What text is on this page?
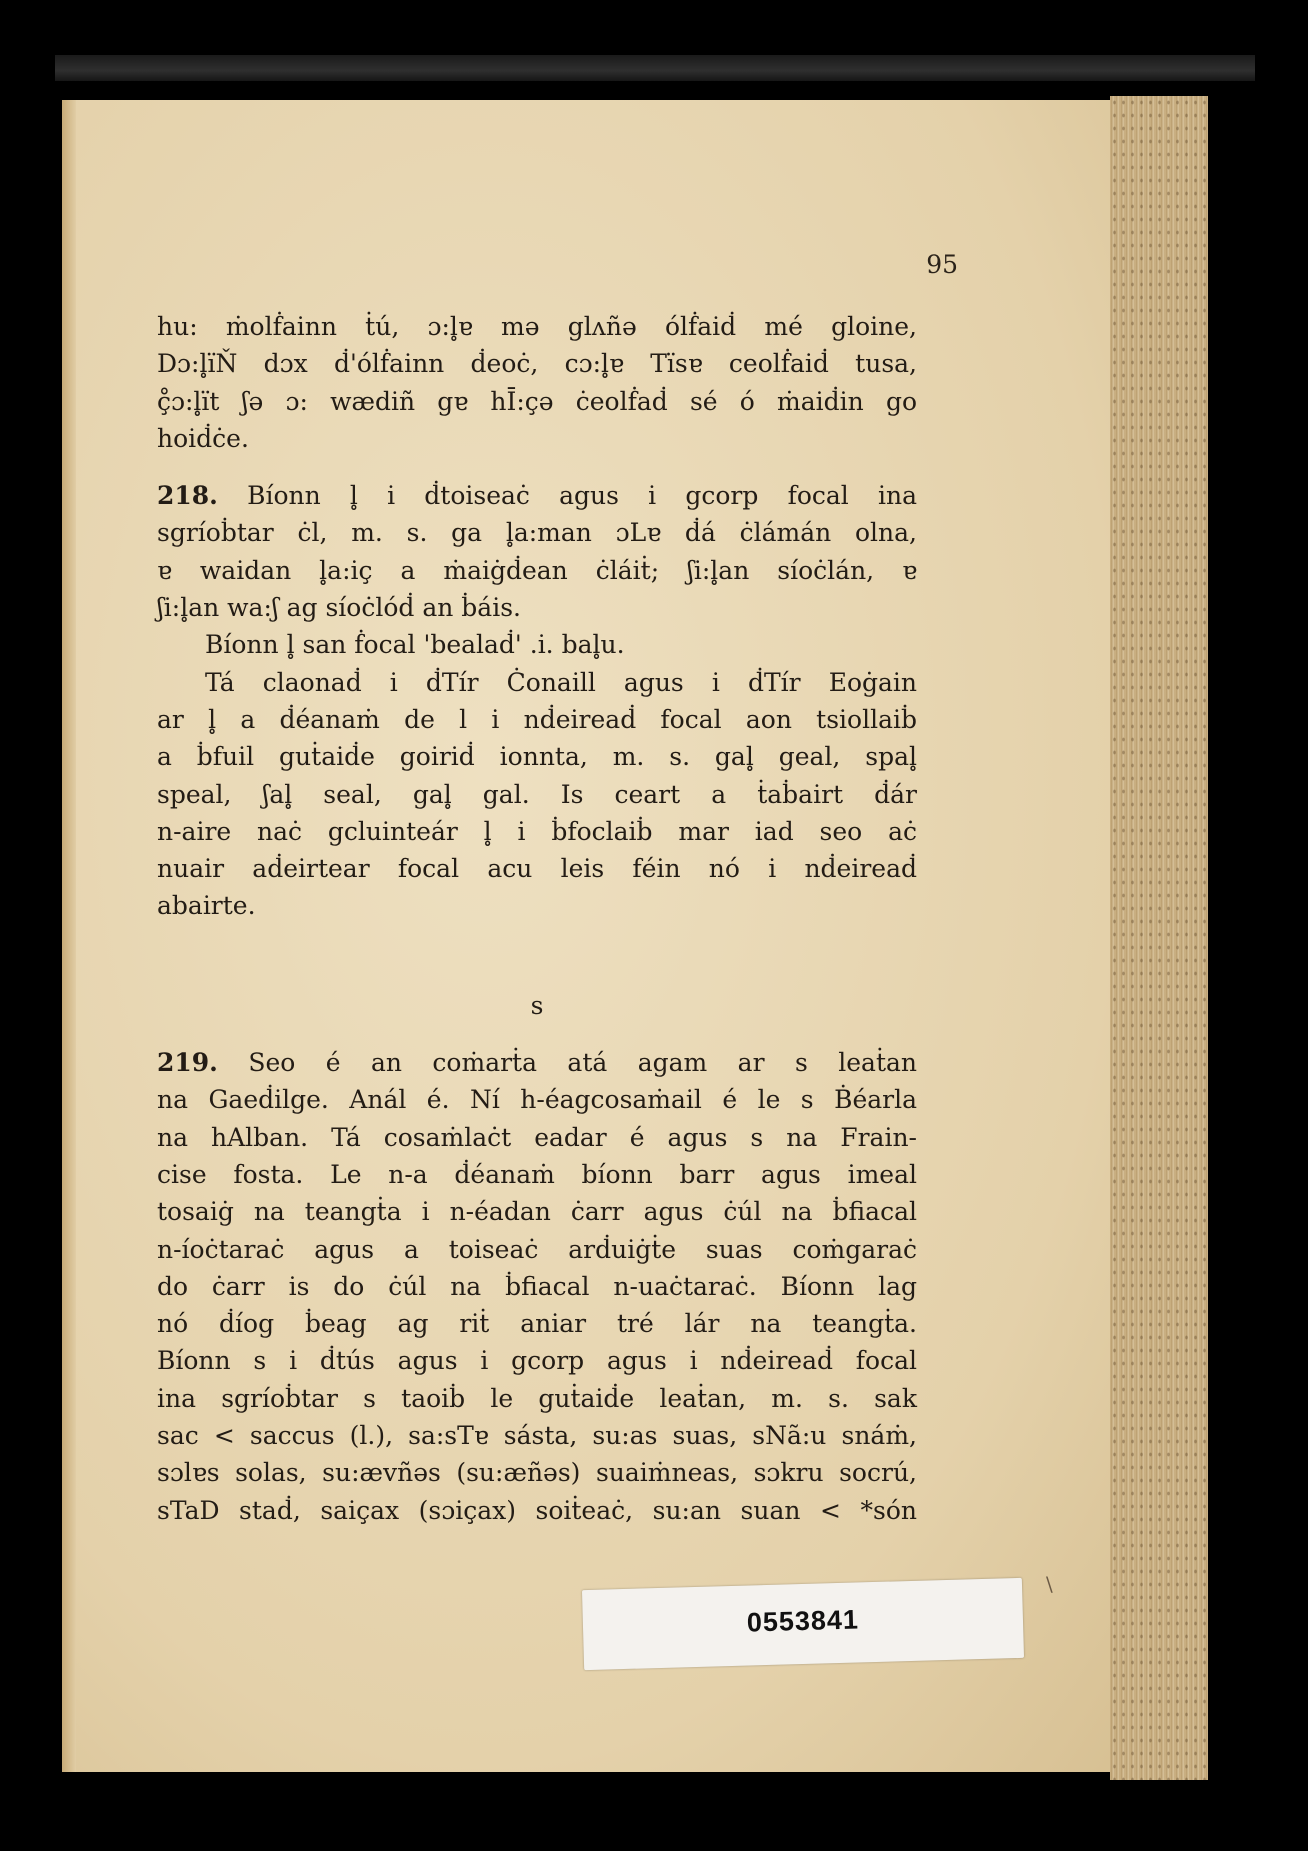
95
hu: ṁolḟainn ṫú, ɔ:l̥ɐ mə glʌñə ólḟaiḋ mé gloine,
Dɔ:l̥ïŇ dɔx ḋ'ólḟainn ḋeoċ, cɔ:l̥ɐ Tïsɐ ceolḟaiḋ tusa,
ç̊ɔ:l̥ït ʃə ɔ: wædiñ gɐ hĪ:çə ċeolḟaḋ sé ó ṁaiḋin go
hoiḋċe.
218. Bíonn l̥ i ḋtoiseaċ agus i gcorp focal ina
sgríoḃtar ċl, m. s. ga l̥a:man ɔLɐ ḋá ċlámán olna,
ɐ waidan l̥a:iç a ṁaiġḋean ċláiṫ; ʃi:l̥an síoċlán, ɐ
ʃi:l̥an wa:ʃ ag síoċlóḋ an ḃáis.
Bíonn l̥ san ḟocal 'bealaḋ' .i. bal̥u.
Tá claonaḋ i ḋTír Ċonaill agus i ḋTír Eoġain
ar l̥ a ḋéanaṁ de l i nḋeireaḋ focal aon tsiollaiḃ
a ḃfuil guṫaiḋe goiriḋ ionnta, m. s. gal̥ geal, spal̥
speal, ʃal̥ seal, gal̥ gal. Is ceart a ṫaḃairt ḋár
n-aire naċ gcluinteár l̥ i ḃfoclaiḃ mar iad seo aċ
nuair aḋeirtear focal acu leis féin nó i nḋeireaḋ
abairte.
s
219. Seo é an coṁarṫa atá agam ar s leaṫan
na Gaeḋilge. Anál é. Ní h-éagcosaṁail é le s Ḃéarla
na hAlban. Tá cosaṁlaċt eadar é agus s na Frain-
cise fosta. Le n-a ḋéanaṁ bíonn barr agus imeal
tosaiġ na teangṫa i n-éadan ċarr agus ċúl na ḃfiacal
n-íoċtaraċ agus a toiseaċ arḋuiġṫe suas coṁgaraċ
do ċarr is do ċúl na ḃfiacal n-uaċtaraċ. Bíonn lag
nó ḋíog ḃeag ag riṫ aniar tré lár na teangṫa.
Bíonn s i ḋtús agus i gcorp agus i nḋeireaḋ focal
ina sgríoḃtar s taoiḃ le guṫaiḋe leaṫan, m. s. sak
sac < saccus (l.), sa:sTɐ sásta, su:as suas, sNã:u snáṁ,
sɔlɐs solas, su:ævñəs (su:æñəs) suaiṁneas, sɔkru socrú,
sTaD staḋ, saiçax (sɔiçax) soiṫeaċ, su:an suan < *són
0553841
\
